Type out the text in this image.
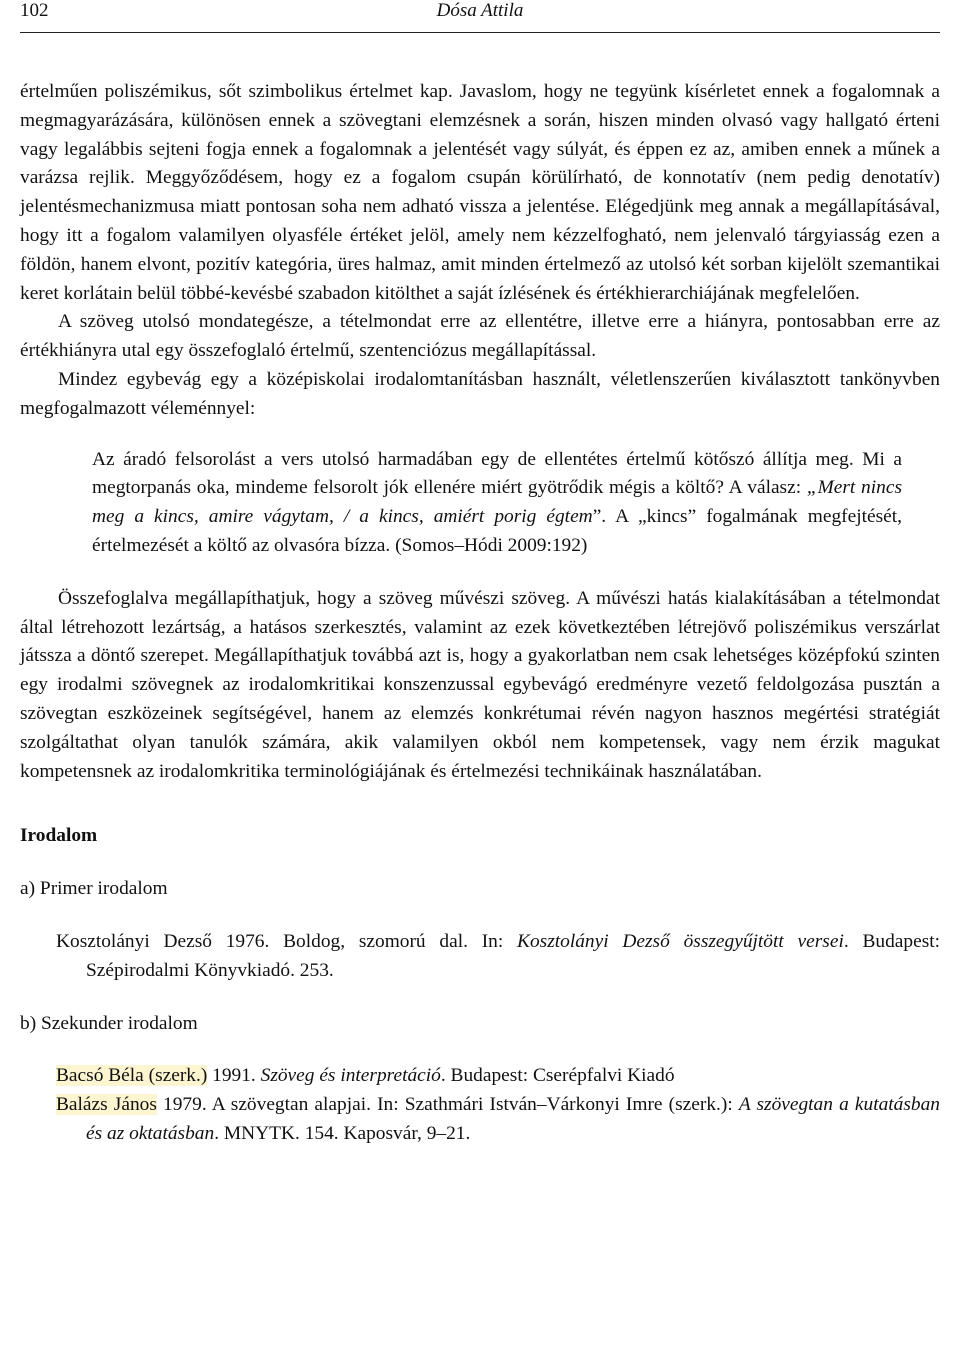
102	Dósa Attila

értelműen poliszémikus, sőt szimbolikus értelmet kap. Javaslom, hogy ne tegyünk kísérletet ennek a fogalomnak a megmagyarázására, különösen ennek a szövegtani elemzésnek a során, hiszen minden olvasó vagy hallgató érteni vagy legalábbis sejteni fogja ennek a fogalomnak a jelentését vagy súlyát, és éppen ez az, amiben ennek a műnek a varázsa rejlik. Meggyőződésem, hogy ez a fogalom csupán körülírható, de konnotatív (nem pedig denotatív) jelentésmechanizmusa miatt pontosan soha nem adható vissza a jelentése. Elégedjünk meg annak a megállapításával, hogy itt a fogalom valamilyen olyasféle értéket jelöl, amely nem kézzelfogható, nem jelenvaló tárgyiasság ezen a földön, hanem elvont, pozitív kategória, üres halmaz, amit minden értelmező az utolsó két sorban kijelölt szemantikai keret korlátain belül többé-kevésbé szabadon kitölthet a saját ízlésének és értékhierarchiájának megfelelően.

A szöveg utolsó mondategésze, a tételmondat erre az ellentétre, illetve erre a hiányra, pontosabban erre az értékhiányra utal egy összefoglaló értelmű, szentenciózus megállapítással.

Mindez egybevág egy a középiskolai irodalomtanításban használt, véletlenszerűen kiválasztott tankönyvben megfogalmazott véleménnyel:

Az áradó felsorolást a vers utolsó harmadában egy de ellentétes értelmű kötőszó állítja meg. Mi a megtorpanás oka, mindeme felsorolt jók ellenére miért gyötrődik mégis a költő? A válasz: „Mert nincs meg a kincs, amire vágytam, / a kincs, amiért porig égtem”. A „kincs” fogalmának megfejtését, értelmezését a költő az olvasóra bízza. (Somos–Hódi 2009:192)

Összefoglalva megállapíthatjuk, hogy a szöveg művészi szöveg. A művészi hatás kialakításában a tételmondat által létrehozott lezártság, a hatásos szerkesztés, valamint az ezek következtében létrejövő poliszémikus verszárlat játssza a döntő szerepet. Megállapíthatjuk továbbá azt is, hogy a gyakorlatban nem csak lehetséges középfokú szinten egy irodalmi szövegnek az irodalomkritikai konszenzussal egybevágó eredményre vezető feldolgozása pusztán a szövegtan eszközeinek segítségével, hanem az elemzés konkrétumai révén nagyon hasznos megértési stratégiát szolgáltathat olyan tanulók számára, akik valamilyen okból nem kompetensek, vagy nem érzik magukat kompetensnek az irodalomkritika terminológiájának és értelmezési technikáinak használatában.

Irodalom

a) Primer irodalom

Kosztolányi Dezső 1976. Boldog, szomorú dal. In: Kosztolányi Dezső összegyűjtött versei. Budapest: Szépirodalmi Könyvkiadó. 253.

b) Szekunder irodalom

Bacsó Béla (szerk.) 1991. Szöveg és interpretáció. Budapest: Cserépfalvi Kiadó

Balázs János 1979. A szövegtan alapjai. In: Szathmári István–Várkonyi Imre (szerk.): A szövegtan a kutatásban és az oktatásban. MNYTK. 154. Kaposvár, 9–21.
